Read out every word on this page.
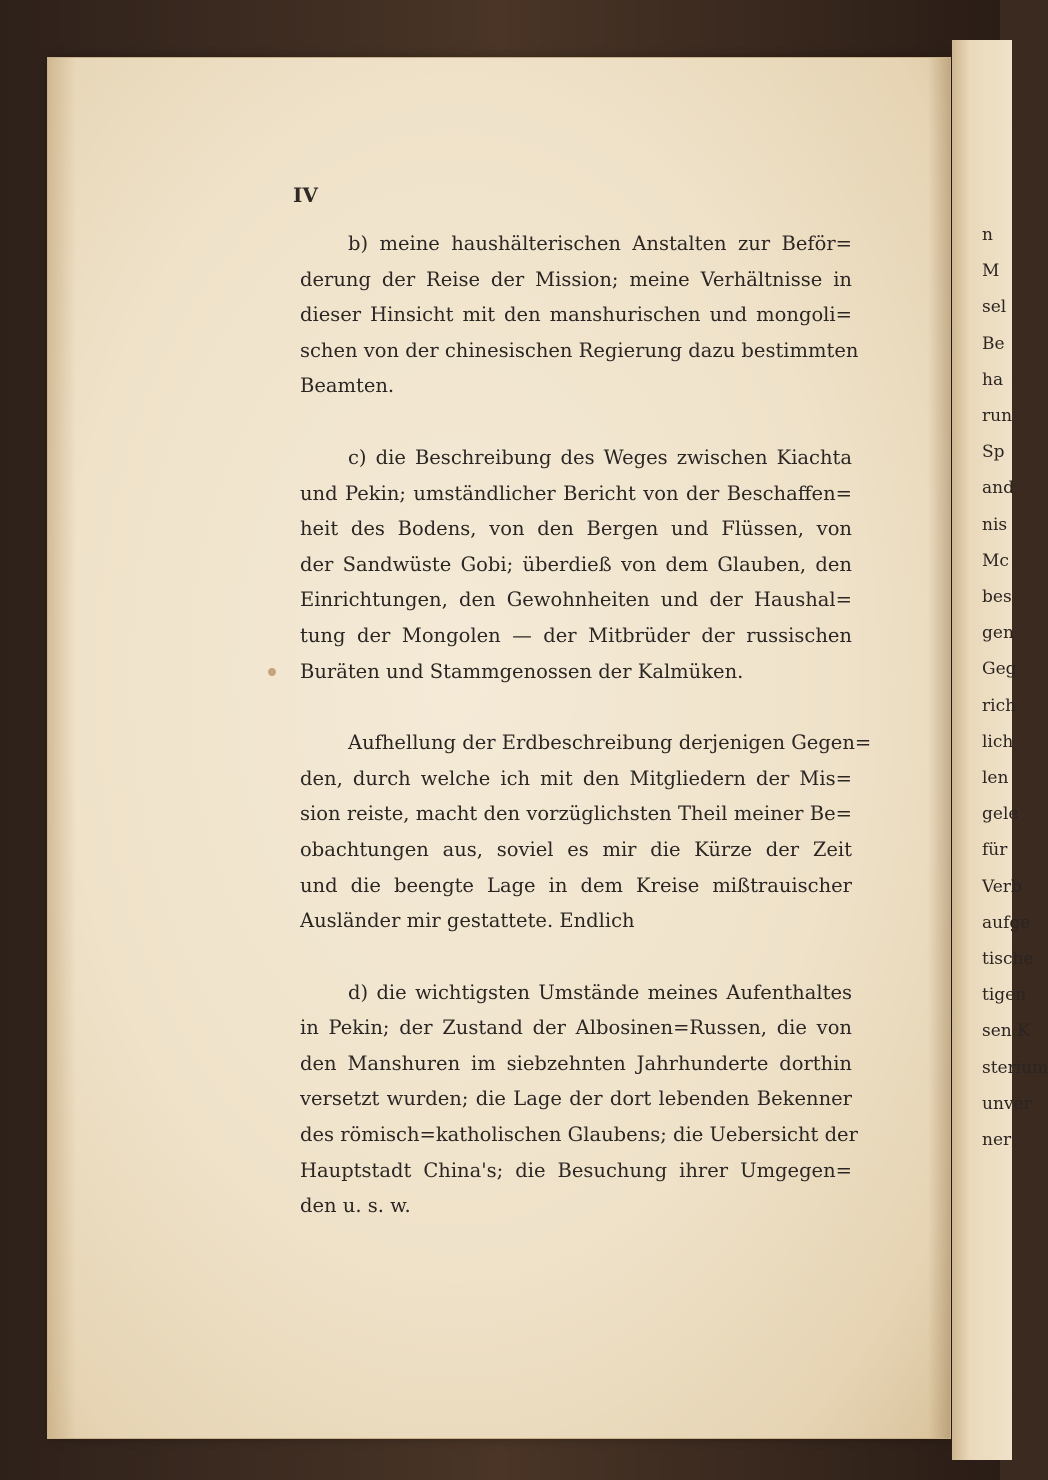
n
M
sel
Be
ha
run
Sp
and
nis
Mc
bes
gen
Geg
rich
lich
len
gele
für
Verb
aufge
tische
tigen
sen K
sterium
unver
ner
IV

b) meine haushälterischen Anstalten zur Beför=
derung der Reise der Mission; meine Verhältnisse in
dieser Hinsicht mit den manshurischen und mongoli=
schen von der chinesischen Regierung dazu bestimmten
Beamten.

c) die Beschreibung des Weges zwischen Kiachta
und Pekin; umständlicher Bericht von der Beschaffen=
heit des Bodens, von den Bergen und Flüssen, von
der Sandwüste Gobi; überdieß von dem Glauben, den
Einrichtungen, den Gewohnheiten und der Haushal=
tung der Mongolen — der Mitbrüder der russischen
Buräten und Stammgenossen der Kalmüken.

Aufhellung der Erdbeschreibung derjenigen Gegen=
den, durch welche ich mit den Mitgliedern der Mis=
sion reiste, macht den vorzüglichsten Theil meiner Be=
obachtungen aus, soviel es mir die Kürze der Zeit
und die beengte Lage in dem Kreise mißtrauischer
Ausländer mir gestattete. Endlich

d) die wichtigsten Umstände meines Aufenthaltes
in Pekin; der Zustand der Albosinen=Russen, die von
den Manshuren im siebzehnten Jahrhunderte dorthin
versetzt wurden; die Lage der dort lebenden Bekenner
des römisch=katholischen Glaubens; die Uebersicht der
Hauptstadt China's; die Besuchung ihrer Umgegen=
den u. s. w.
